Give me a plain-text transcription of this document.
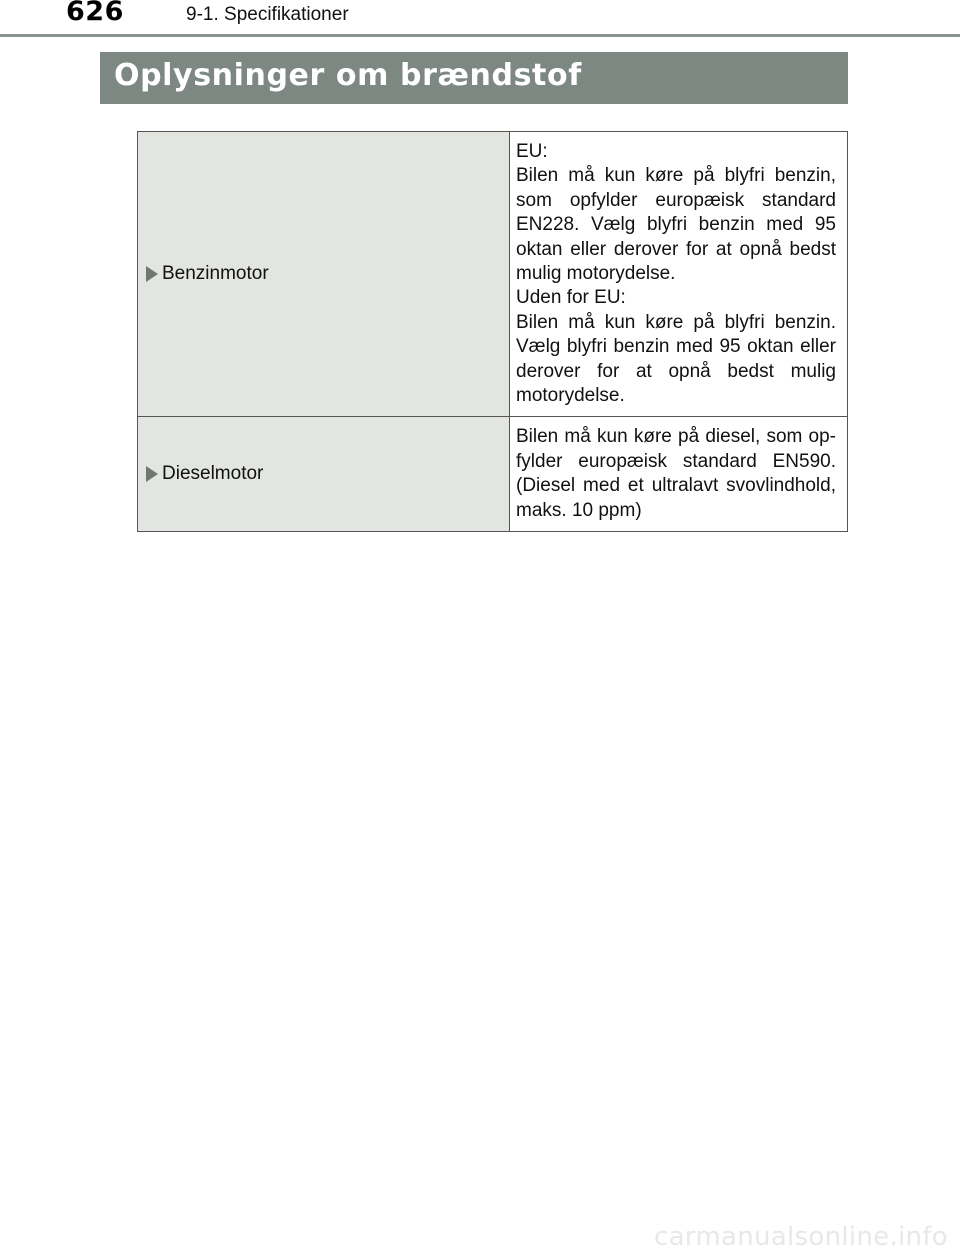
626	9-1. Specifikationer
Oplysninger om brændstof
Benzinmotor	EU:

Bilen må kun køre på blyfri benzin, som opfylder europæisk standard EN228. Vælg blyfri benzin med 95 oktan eller derover for at opnå bedst mulig motorydelse.

Uden for EU:

Bilen må kun køre på blyfri benzin. Vælg blyfri benzin med 95 oktan eller derover for at opnå bedst mulig motorydelse.

Dieselmotor	Bilen må kun køre på diesel, som op-fylder europæisk standard EN590. (Diesel med et ultralavt svovlindhold, maks. 10 ppm)

carmanualsonline.info
